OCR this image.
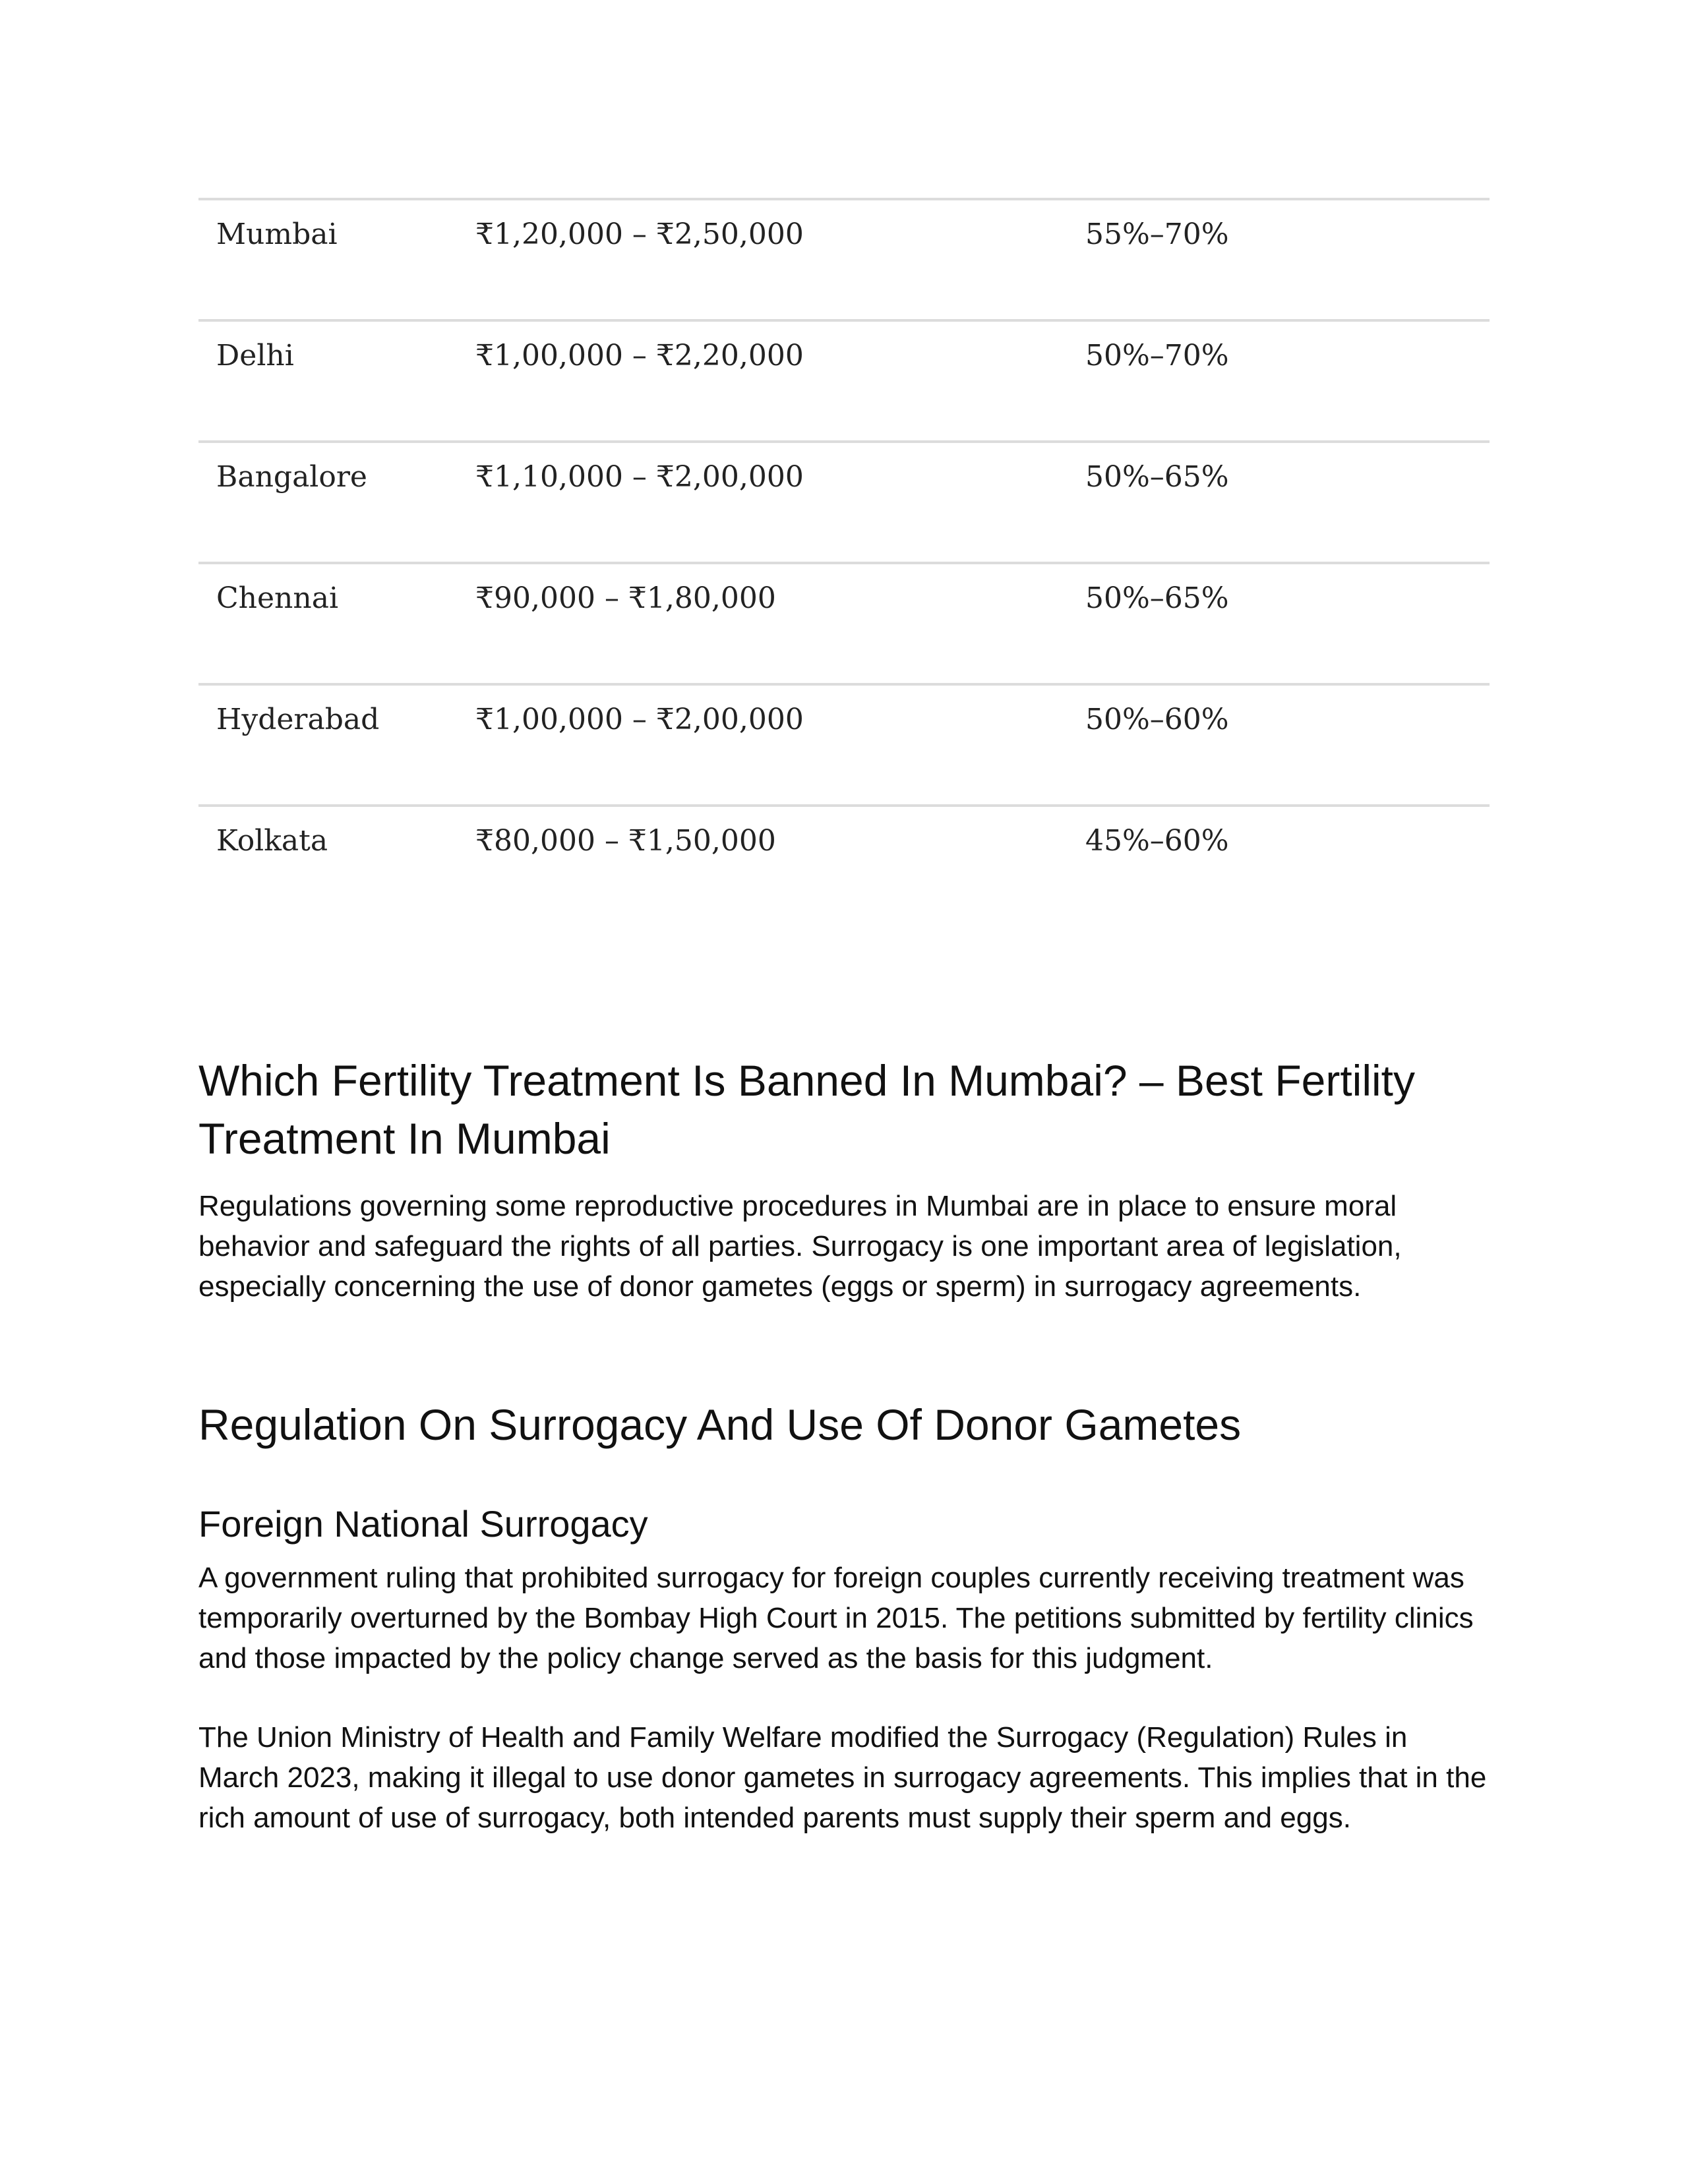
Mumbai	₹1,20,000 – ₹2,50,000	55%–70%
Delhi	₹1,00,000 – ₹2,20,000	50%–70%
Bangalore	₹1,10,000 – ₹2,00,000	50%–65%
Chennai	₹90,000 – ₹1,80,000	50%–65%
Hyderabad	₹1,00,000 – ₹2,00,000	50%–60%
Kolkata	₹80,000 – ₹1,50,000	45%–60%
Which Fertility Treatment Is Banned In Mumbai? – Best Fertility Treatment In Mumbai

Regulations governing some reproductive procedures in Mumbai are in place to ensure moral behavior and safeguard the rights of all parties. Surrogacy is one important area of legislation, especially concerning the use of donor gametes (eggs or sperm) in surrogacy agreements.

Regulation On Surrogacy And Use Of Donor Gametes
Foreign National Surrogacy

A government ruling that prohibited surrogacy for foreign couples currently receiving treatment was temporarily overturned by the Bombay High Court in 2015. The petitions submitted by fertility clinics and those impacted by the policy change served as the basis for this judgment.

The Union Ministry of Health and Family Welfare modified the Surrogacy (Regulation) Rules in March 2023, making it illegal to use donor gametes in surrogacy agreements. This implies that in the rich amount of use of surrogacy, both intended parents must supply their sperm and eggs.
